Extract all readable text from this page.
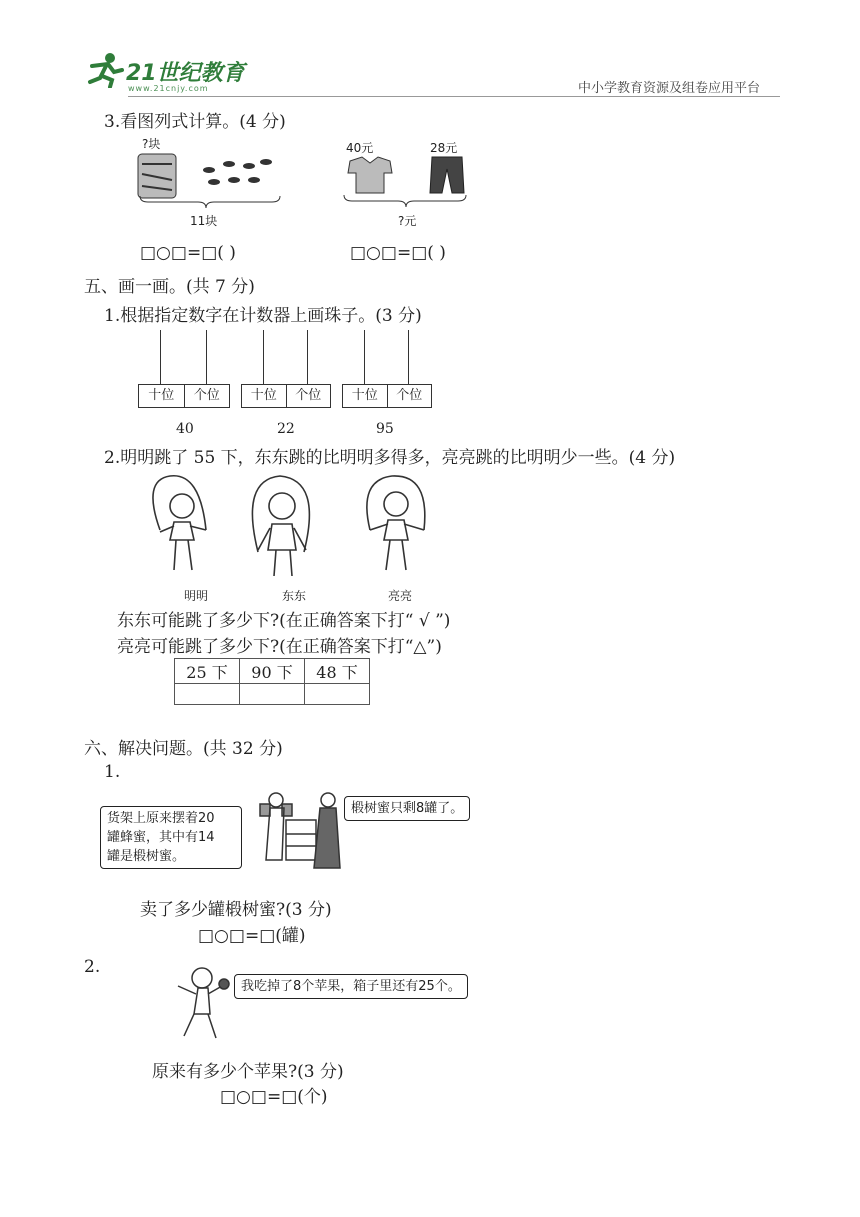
21世纪教育
www.21cnjy.com	中小学教育资源及组卷应用平台
3.看图列式计算。(4 分)
?块
11块
40元	28元
?元
□○□=□( )	□○□=□( )
五、画一画。(共 7 分)
1.根据指定数字在计数器上画珠子。(3 分)
十位	个位
40
十位	个位
22
十位	个位
95
2.明明跳了 55 下，东东跳的比明明多得多，亮亮跳的比明明少一些。(4 分)
明明	东东	亮亮
东东可能跳了多少下?(在正确答案下打“ √ ”)
亮亮可能跳了多少下?(在正确答案下打“△”)
25 下	90 下	48 下

六、解决问题。(共 32 分)
1.
货架上原来摆着20
罐蜂蜜，其中有14
罐是椴树蜜。
椴树蜜只剩8罐了。
卖了多少罐椴树蜜?(3 分)
□○□=□(罐)
2.
我吃掉了8个苹果，箱子里还有25个。
原来有多少个苹果?(3 分)
□○□=□(个)
